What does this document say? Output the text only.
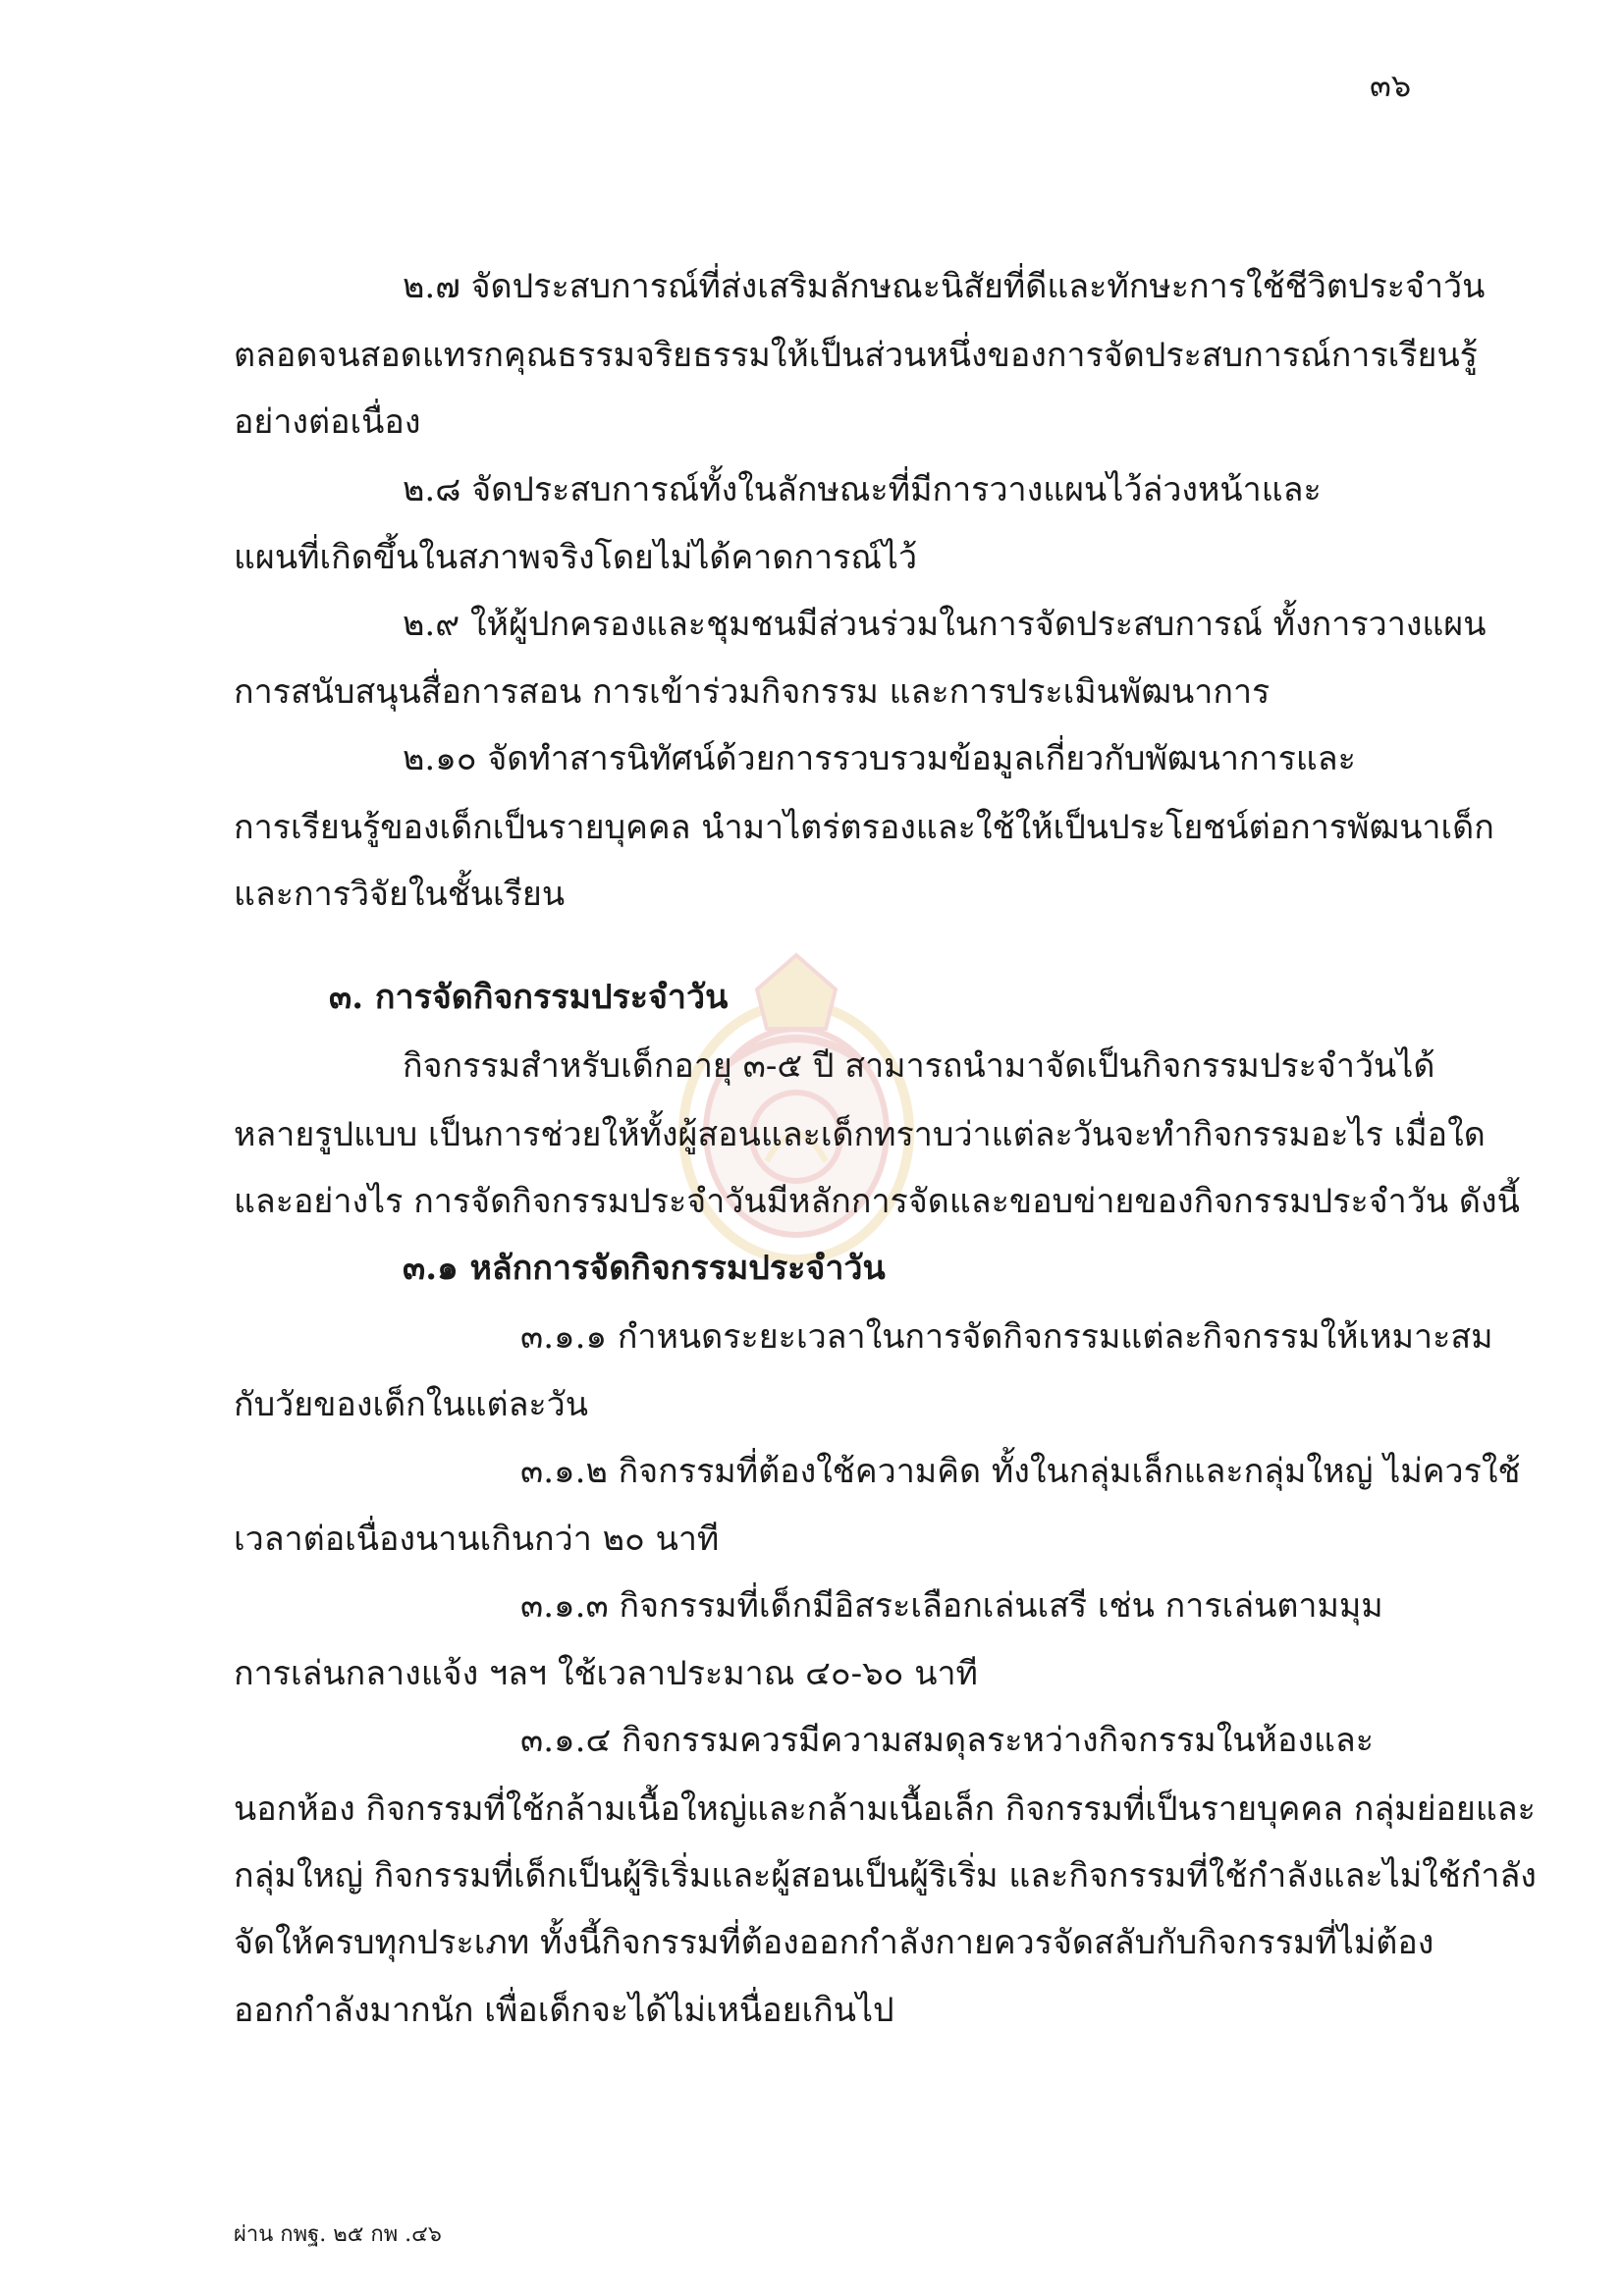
๓๖
๒.๗ จัดประสบการณ์ที่ส่งเสริมลักษณะนิสัยที่ดีและทักษะการใช้ชีวิตประจำวัน
ตลอดจนสอดแทรกคุณธรรมจริยธรรมให้เป็นส่วนหนึ่งของการจัดประสบการณ์การเรียนรู้
อย่างต่อเนื่อง
๒.๘ จัดประสบการณ์ทั้งในลักษณะที่มีการวางแผนไว้ล่วงหน้าและ
แผนที่เกิดขึ้นในสภาพจริงโดยไม่ได้คาดการณ์ไว้
๒.๙ ให้ผู้ปกครองและชุมชนมีส่วนร่วมในการจัดประสบการณ์ ทั้งการวางแผน
การสนับสนุนสื่อการสอน การเข้าร่วมกิจกรรม และการประเมินพัฒนาการ
๒.๑๐ จัดทำสารนิทัศน์ด้วยการรวบรวมข้อมูลเกี่ยวกับพัฒนาการและ
การเรียนรู้ของเด็กเป็นรายบุคคล นำมาไตร่ตรองและใช้ให้เป็นประโยชน์ต่อการพัฒนาเด็ก
และการวิจัยในชั้นเรียน
๓. การจัดกิจกรรมประจำวัน
กิจกรรมสำหรับเด็กอายุ ๓-๕ ปี สามารถนำมาจัดเป็นกิจกรรมประจำวันได้
หลายรูปแบบ เป็นการช่วยให้ทั้งผู้สอนและเด็กทราบว่าแต่ละวันจะทำกิจกรรมอะไร เมื่อใด
และอย่างไร การจัดกิจกรรมประจำวันมีหลักการจัดและขอบข่ายของกิจกรรมประจำวัน ดังนี้
๓.๑ หลักการจัดกิจกรรมประจำวัน
๓.๑.๑ กำหนดระยะเวลาในการจัดกิจกรรมแต่ละกิจกรรมให้เหมาะสม
กับวัยของเด็กในแต่ละวัน
๓.๑.๒ กิจกรรมที่ต้องใช้ความคิด ทั้งในกลุ่มเล็กและกลุ่มใหญ่ ไม่ควรใช้
เวลาต่อเนื่องนานเกินกว่า ๒๐ นาที
๓.๑.๓ กิจกรรมที่เด็กมีอิสระเลือกเล่นเสรี เช่น การเล่นตามมุม
การเล่นกลางแจ้ง ฯลฯ ใช้เวลาประมาณ ๔๐-๖๐ นาที
๓.๑.๔ กิจกรรมควรมีความสมดุลระหว่างกิจกรรมในห้องและ
นอกห้อง กิจกรรมที่ใช้กล้ามเนื้อใหญ่และกล้ามเนื้อเล็ก กิจกรรมที่เป็นรายบุคคล กลุ่มย่อยและ
กลุ่มใหญ่ กิจกรรมที่เด็กเป็นผู้ริเริ่มและผู้สอนเป็นผู้ริเริ่ม และกิจกรรมที่ใช้กำลังและไม่ใช้กำลัง
จัดให้ครบทุกประเภท ทั้งนี้กิจกรรมที่ต้องออกกำลังกายควรจัดสลับกับกิจกรรมที่ไม่ต้อง
ออกกำลังมากนัก เพื่อเด็กจะได้ไม่เหนื่อยเกินไป
ผ่าน กพฐ. ๒๕ กพ .๔๖
